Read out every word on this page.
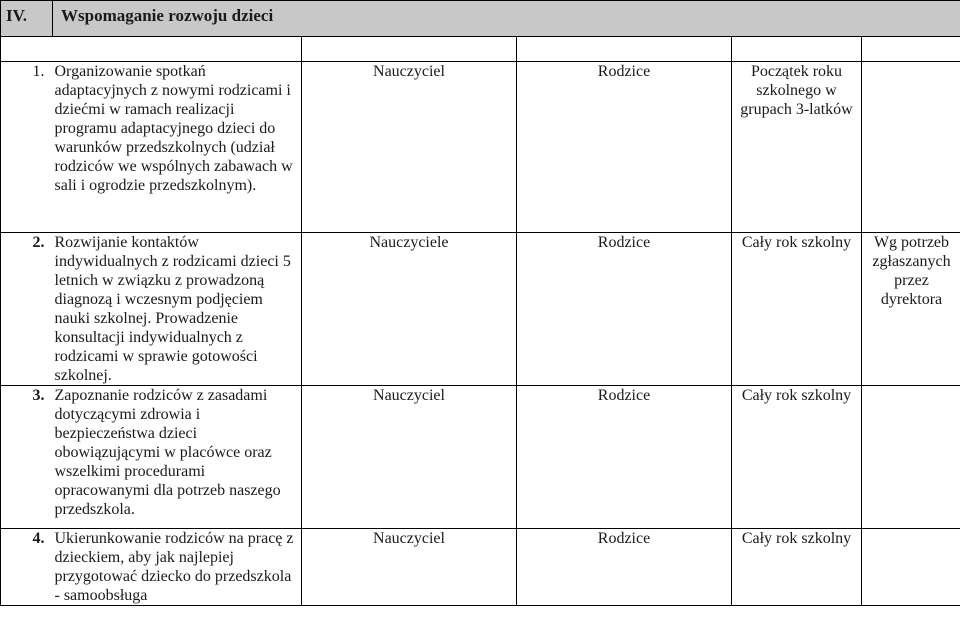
IV.	Wspomaganie rozwoju dzieci				

1.	Organizowanie spotkań adaptacyjnych z nowymi rodzicami i dziećmi w ramach realizacji programu adaptacyjnego dzieci do warunków przedszkolnych (udział rodziców we wspólnych zabawach w sali i ogrodzie przedszkolnym).	Nauczyciel	Rodzice	Początek roku szkolnego w grupach 3-latków	
2.	Rozwijanie kontaktów indywidualnych z rodzicami dzieci 5 letnich w związku z prowadzoną diagnozą i wczesnym podjęciem nauki szkolnej. Prowadzenie konsultacji indywidualnych z rodzicami w sprawie gotowości szkolnej.	Nauczyciele	Rodzice	Cały rok szkolny	Wg potrzeb zgłaszanych przez dyrektora
3.	Zapoznanie rodziców z zasadami dotyczącymi zdrowia i bezpieczeństwa dzieci obowiązującymi w placówce oraz wszelkimi procedurami opracowanymi dla potrzeb naszego przedszkola.	Nauczyciel	Rodzice	Cały rok szkolny	
4.	Ukierunkowanie rodziców na pracę z dzieckiem, aby jak najlepiej przygotować dziecko do przedszkola - samoobsługa	Nauczyciel	Rodzice	Cały rok szkolny	
